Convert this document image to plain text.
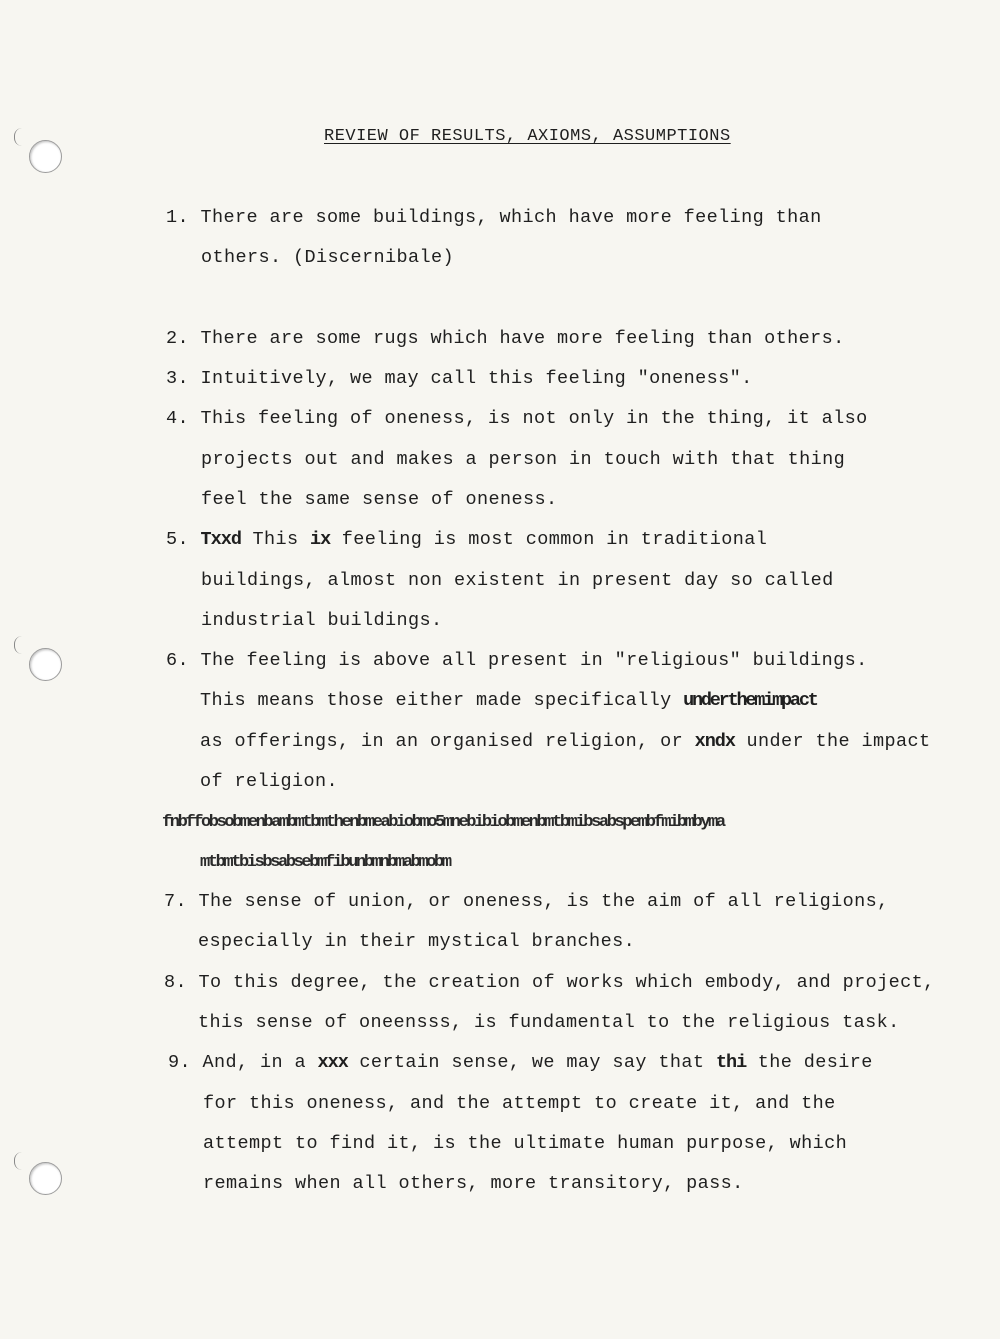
REVIEW OF RESULTS, AXIOMS, ASSUMPTIONS
1. There are some buildings, which have more feeling than
others. (Discernibale)
2. There are some rugs which have more feeling than others.
3. Intuitively, we may call this feeling "oneness".
4. This feeling of oneness, is not only in the thing, it also
projects out and makes a person in touch with that thing
feel the same sense of oneness.
5. Txxd This ix feeling is most common in traditional
buildings, almost non existent in present day so called
industrial buildings.
6. The feeling is above all present in "religious" buildings.
This means those either made specifically underthemimpact
as offerings, in an organised religion, or xndx under the impact
of religion.
fnbffobsobmenbambmtbmthenbmeabiobmo5mnebibiobmenbmtbmibsabspembfmibmbyma
mtbmtbisbsabsebmfibunbmnbmabmobm
7. The sense of union, or oneness, is the aim of all religions,
especially in their mystical branches.
8. To this degree, the creation of works which embody, and project,
this sense of oneensss, is fundamental to the religious task.
9. And, in a xxx certain sense, we may say that thi the desire
for this oneness, and the attempt to create it, and the
attempt to find it, is the ultimate human purpose, which
remains when all others, more transitory, pass.
